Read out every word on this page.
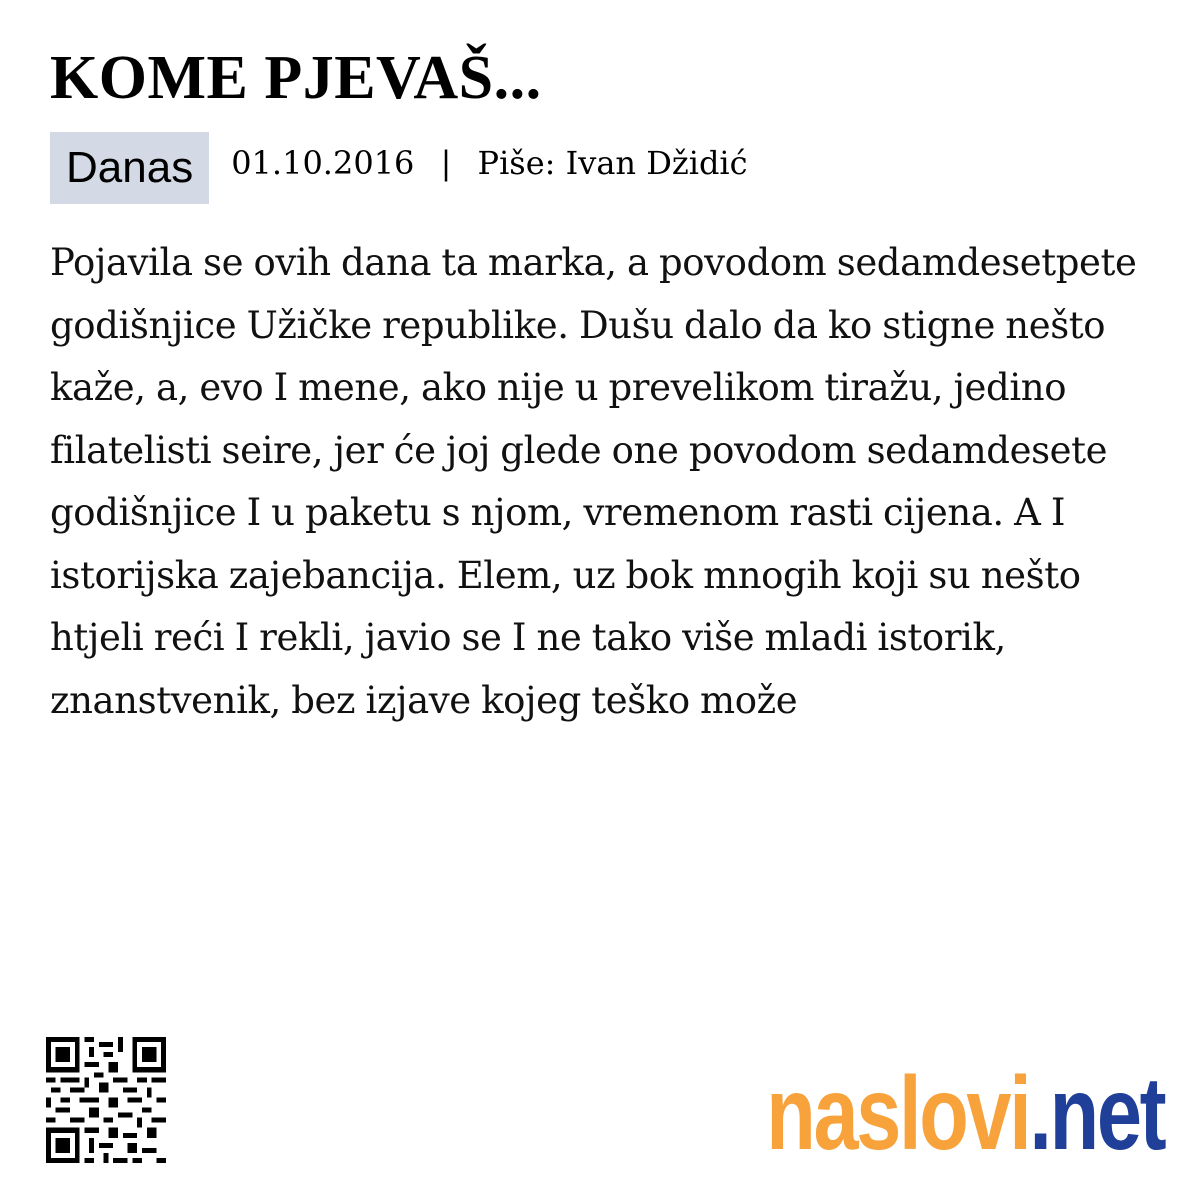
KOME PJEVAŠ...
Danas	01.10.2016 | Piše: Ivan Džidić

Pojavila se ovih dana ta marka, a povodom sedamdesetpete godišnjice Užičke republike. Dušu dalo da ko stigne nešto kaže, a, evo I mene, ako nije u prevelikom tiražu, jedino filatelisti seire, jer će joj glede one povodom sedamdesete godišnjice I u paketu s njom, vremenom rasti cijena. A I istorijska zajebancija. Elem, uz bok mnogih koji su nešto htjeli reći I rekli, javio se I ne tako više mladi istorik, znanstvenik, bez izjave kojeg teško može

naslovi.net
